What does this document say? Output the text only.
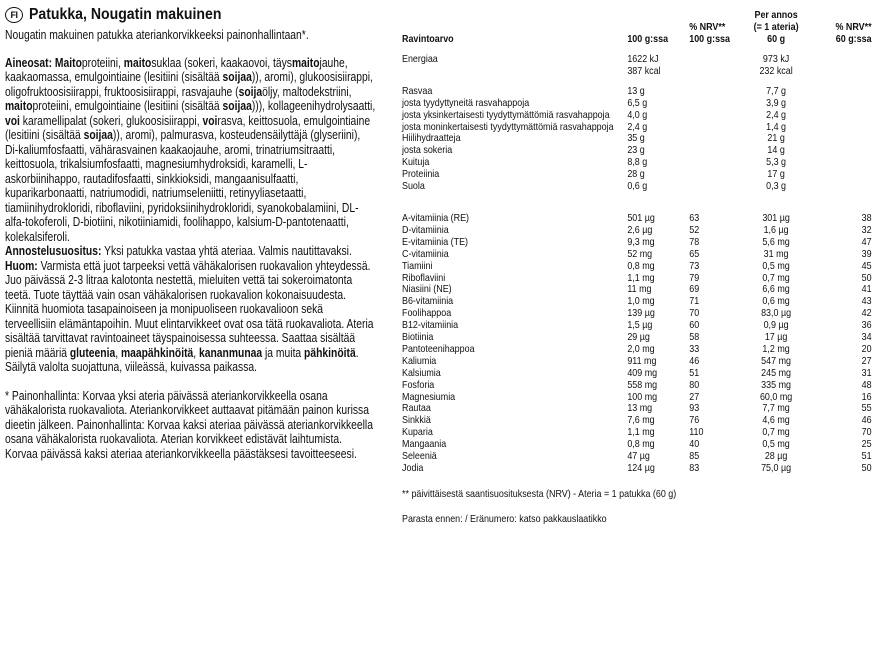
FI Patukka, Nougatin makuinen
Nougatin makuinen patukka ateriankorvikkeeksi painonhallintaan*.
Aineosat: Maitoproteiini, maitosuklaa (sokeri, kaakaovoi, täysmaitojauhe, kaakaomassa, emulgointiaine (lesitiini (sisältää soijaa)), aromi), glukoosisiirappi, oligofruktoosisiirappi, fruktoosisiirappi, rasvajauhe (soijaöljy, maltodekstriini, maitoproteiini, emulgointiaine (lesitiini (sisältää soijaa))), kollageenihydrolysaatti, voi karamellipalat (sokeri, glukoosisiirappi, voirasva, keittosuola, emulgointiaine (lesitiini (sisältää soijaa)), aromi), palmurasva, kosteudensäilyttäjä (glyseriini), Di-kaliumfosfaatti, vähärasvainen kaakaojauhe, aromi, trinatriumsitraatti, keittosuola, trikalsiumfosfaatti, magnesiumhydroksidi, karamelli, L-askorbiinihappo, rautadifosfaatti, sinkkioksidi, mangaanisulfaatti, kuparikarbonaatti, natriumodidi, natriumseleniitti, retinyyliasetaatti, tiamiinihydrokloridi, riboflaviini, pyridoksiinihydrokloridi, syanokobalamiini, DL-alfa-tokoferoli, D-biotiini, nikotiiniamidi, foolihappo, kalsium-D-pantotenaatti, kolekalsiferoli.
Annostelusuositus: Yksi patukka vastaa yhtä ateriaa. Valmis nautittavaksi.
Huom: Varmista että juot tarpeeksi vettä vähäkalorisen ruokavalion yhteydessä. Juo päivässä 2-3 litraa kalotonta nestettä, mieluiten vettä tai sokeroimatonta teetä. Tuote täyttää vain osan vähäkalorisen ruokavalion kokonaisuudesta. Kiinnitä huomiota tasapainoiseen ja monipuoliseen ruokavalioon sekä terveellisiin elämäntapoihin. Muut elintarvikkeet ovat osa tätä ruokavaliota. Ateria sisältää tarvittavat ravintoaineet täyspainoisessa suhteessa. Saattaa sisältää pieniä määriä gluteenia, maapähkinöitä, kananmunaa ja muita pähkinöitä. Säilytä valolta suojattuna, viileässä, kuivassa paikassa.
* Painonhallinta: Korvaa yksi ateria päivässä ateriankorvikkeella osana vähäkalorista ruokavaliota. Ateriankorvikkeet auttaavat pitämään painon kurissa dieetin jälkeen. Painonhallinta: Korvaa kaksi ateriaa päivässä ateriankorvikkeella osana vähäkalorista ruokavaliota. Aterian korvikkeet edistävät laihtumista. Korvaa päivässä kaksi ateriaa ateriankorvikkeella päästäksesi tavoitteeseesi.
			Per annos	
		% NRV**	(= 1 ateria)	% NRV**
Ravintoarvo	100 g:ssa	100 g:ssa	60 g	60 g:ssa

Energiaa	1622 kJ		973 kJ	
	387 kcal		232 kcal	

Rasvaa	13 g		7,7 g	
josta tyydyttyneitä rasvahappoja	6,5 g		3,9 g	
josta yksinkertaisesti tyydyttymättömiä rasvahappoja	4,0 g		2,4 g	
josta moninkertaisesti tyydyttymättömiä rasvahappoja	2,4 g		1,4 g	
Hiilihydraatteja	35 g		21 g	
josta sokeria	23 g		14 g	
Kuituja	8,8 g		5,3 g	
Proteiinia	28 g		17 g	
Suola	0,6 g		0,3 g	

A-vitamiinia (RE)	501 µg	63	301 µg	38
D-vitamiinia	2,6 µg	52	1,6 µg	32
E-vitamiinia (TE)	9,3 mg	78	5,6 mg	47
C-vitamiinia	52 mg	65	31 mg	39
Tiamiini	0,8 mg	73	0,5 mg	45
Riboflaviini	1,1 mg	79	0,7 mg	50
Niasiini (NE)	11 mg	69	6,6 mg	41
B6-vitamiinia	1,0 mg	71	0,6 mg	43
Foolihappoa	139 µg	70	83,0 µg	42
B12-vitamiinia	1,5 µg	60	0,9 µg	36
Biotiinia	29 µg	58	17 µg	34
Pantoteenihappoa	2,0 mg	33	1,2 mg	20
Kaliumia	911 mg	46	547 mg	27
Kalsiumia	409 mg	51	245 mg	31
Fosforia	558 mg	80	335 mg	48
Magnesiumia	100 mg	27	60,0 mg	16
Rautaa	13 mg	93	7,7 mg	55
Sinkkiä	7,6 mg	76	4,6 mg	46
Kuparia	1,1 mg	110	0,7 mg	70
Mangaania	0,8 mg	40	0,5 mg	25
Seleeniä	47 µg	85	28 µg	51
Jodia	124 µg	83	75,0 µg	50
** päivittäisestä saantisuosituksesta (NRV) - Ateria = 1 patukka (60 g)
Parasta ennen: / Eränumero: katso pakkauslaatikko
